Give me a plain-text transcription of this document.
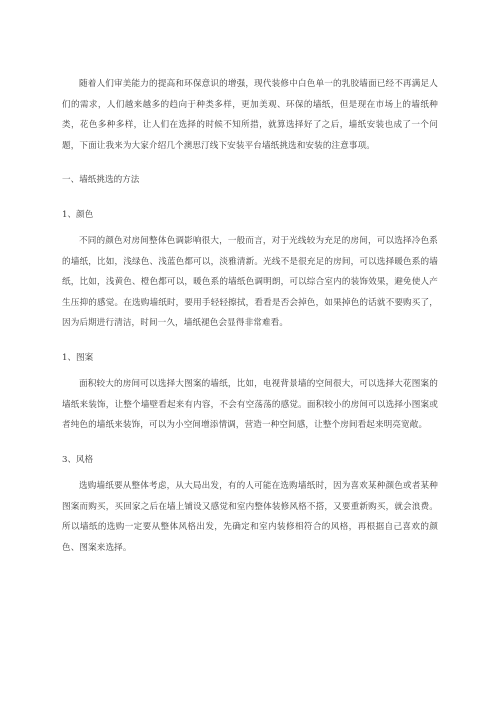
随着人们审美能力的提高和环保意识的增强，现代装修中白色单一的乳胶墙面已经不再满足人们的需求，人们越来越多的趋向于种类多样，更加美观、环保的墙纸，但是现在市场上的墙纸种类，花色多种多样，让人们在选择的时候不知所措，就算选择好了之后，墙纸安装也成了一个问题，下面让我来为大家介绍几个澳思汀线下安装平台墙纸挑选和安装的注意事项。

一、墙纸挑选的方法

1、颜色

不同的颜色对房间整体色调影响很大，一般而言，对于光线较为充足的房间，可以选择冷色系的墙纸，比如，浅绿色、浅蓝色都可以，淡雅清新。光线不是很充足的房间，可以选择暖色系的墙纸，比如，浅黄色、橙色都可以，暖色系的墙纸色调明朗，可以综合室内的装饰效果，避免使人产生压抑的感觉。在选购墙纸时，要用手轻轻擦拭，看看是否会掉色，如果掉色的话就不要购买了，因为后期进行清洁，时间一久，墙纸褪色会显得非常难看。

1、图案

面积较大的房间可以选择大图案的墙纸，比如，电视背景墙的空间很大，可以选择大花图案的墙纸来装饰，让整个墙壁看起来有内容，不会有空荡荡的感觉。面积较小的房间可以选择小图案或者纯色的墙纸来装饰，可以为小空间增添情调，营造一种空间感，让整个房间看起来明亮宽敞。

3、风格

选购墙纸要从整体考虑，从大局出发，有的人可能在选购墙纸时，因为喜欢某种颜色或者某种图案而购买，买回家之后在墙上铺设又感觉和室内整体装修风格不搭，又要重新购买，就会浪费。所以墙纸的选购一定要从整体风格出发，先确定和室内装修相符合的风格，再根据自己喜欢的颜色、图案来选择。
